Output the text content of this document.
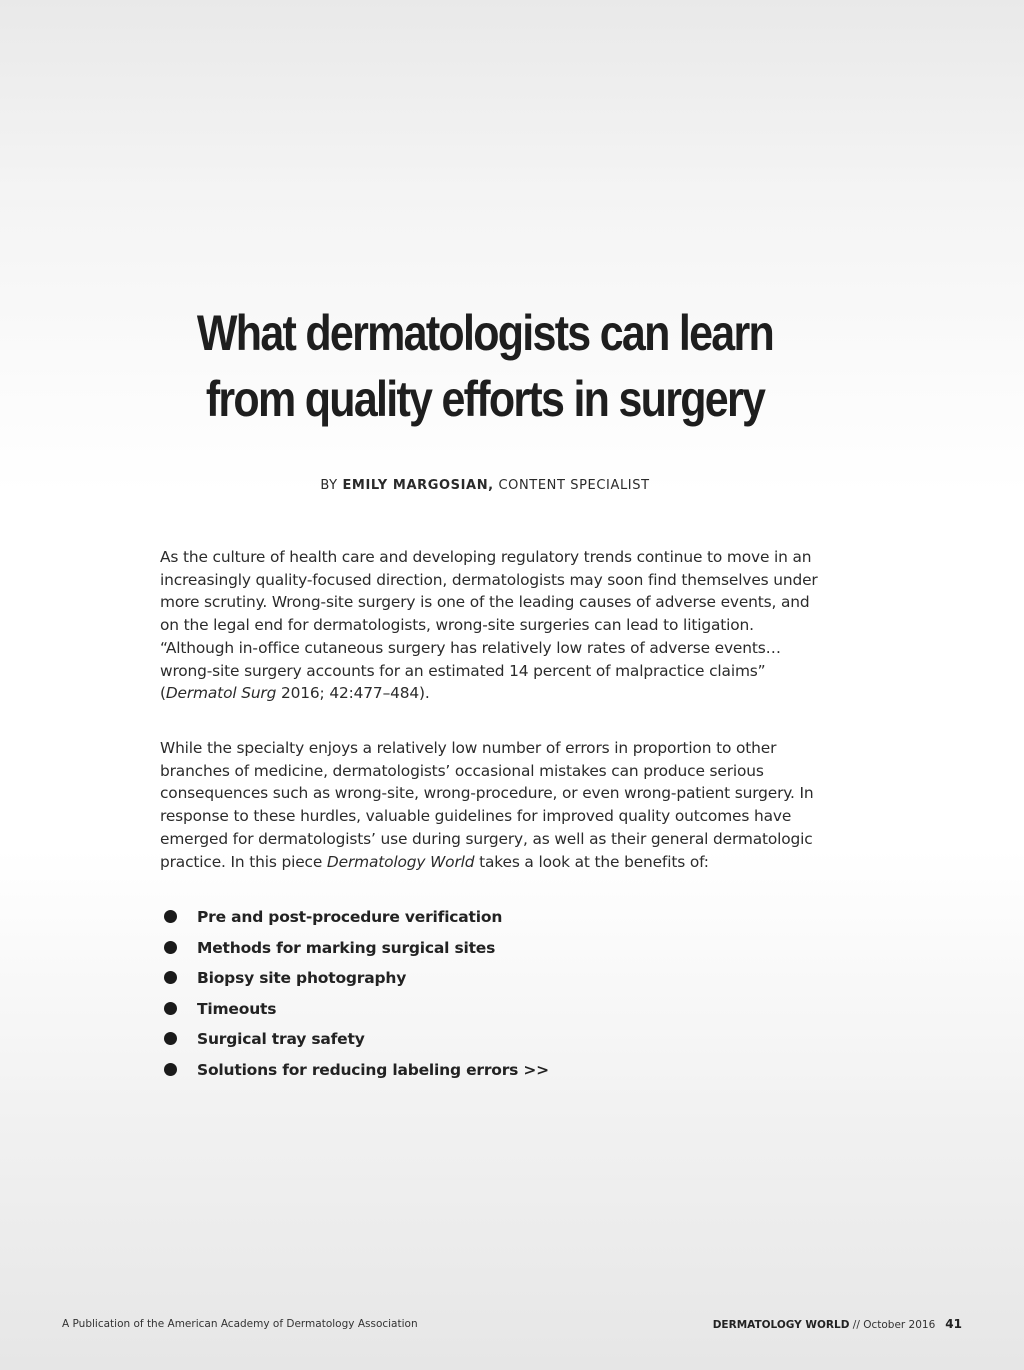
What dermatologists can learn
from quality efforts in surgery
BY EMILY MARGOSIAN, CONTENT SPECIALIST

As the culture of health care and developing regulatory trends continue to move in an increasingly quality-focused direction, dermatologists may soon find themselves under more scrutiny. Wrong-site surgery is one of the leading causes of adverse events, and on the legal end for dermatologists, wrong-site surgeries can lead to litigation. “Although in-office cutaneous surgery has relatively low rates of adverse events…wrong-site surgery accounts for an estimated 14 percent of malpractice claims” (Dermatol Surg 2016; 42:477–484).

While the specialty enjoys a relatively low number of errors in proportion to other branches of medicine, dermatologists’ occasional mistakes can produce serious consequences such as wrong-site, wrong-procedure, or even wrong-patient surgery. In response to these hurdles, valuable guidelines for improved quality outcomes have emerged for dermatologists’ use during surgery, as well as their general dermatologic practice. In this piece Dermatology World takes a look at the benefits of:

Pre and post-procedure verification
Methods for marking surgical sites
Biopsy site photography
Timeouts
Surgical tray safety
Solutions for reducing labeling errors >>
A Publication of the American Academy of Dermatology Association	DERMATOLOGY WORLD // October 2016 41
